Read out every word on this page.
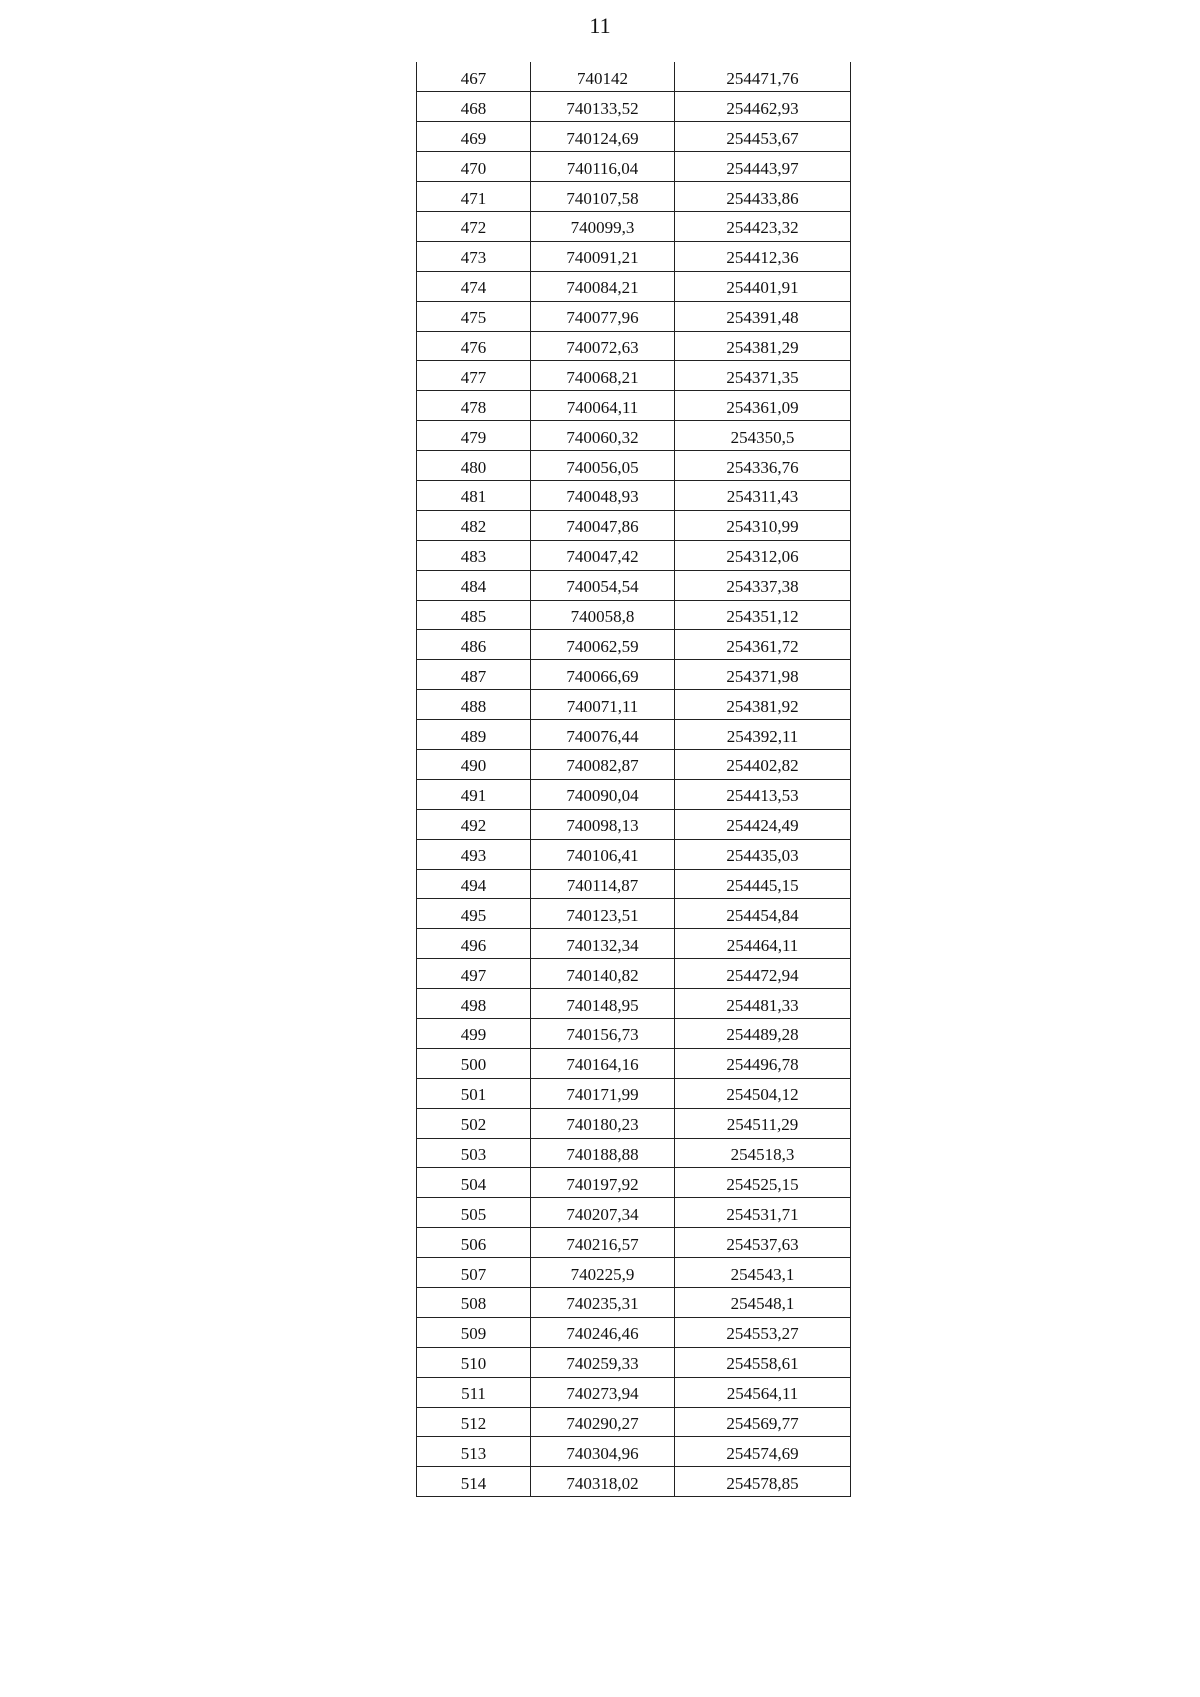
11
467	740142	254471,76
468	740133,52	254462,93
469	740124,69	254453,67
470	740116,04	254443,97
471	740107,58	254433,86
472	740099,3	254423,32
473	740091,21	254412,36
474	740084,21	254401,91
475	740077,96	254391,48
476	740072,63	254381,29
477	740068,21	254371,35
478	740064,11	254361,09
479	740060,32	254350,5
480	740056,05	254336,76
481	740048,93	254311,43
482	740047,86	254310,99
483	740047,42	254312,06
484	740054,54	254337,38
485	740058,8	254351,12
486	740062,59	254361,72
487	740066,69	254371,98
488	740071,11	254381,92
489	740076,44	254392,11
490	740082,87	254402,82
491	740090,04	254413,53
492	740098,13	254424,49
493	740106,41	254435,03
494	740114,87	254445,15
495	740123,51	254454,84
496	740132,34	254464,11
497	740140,82	254472,94
498	740148,95	254481,33
499	740156,73	254489,28
500	740164,16	254496,78
501	740171,99	254504,12
502	740180,23	254511,29
503	740188,88	254518,3
504	740197,92	254525,15
505	740207,34	254531,71
506	740216,57	254537,63
507	740225,9	254543,1
508	740235,31	254548,1
509	740246,46	254553,27
510	740259,33	254558,61
511	740273,94	254564,11
512	740290,27	254569,77
513	740304,96	254574,69
514	740318,02	254578,85
